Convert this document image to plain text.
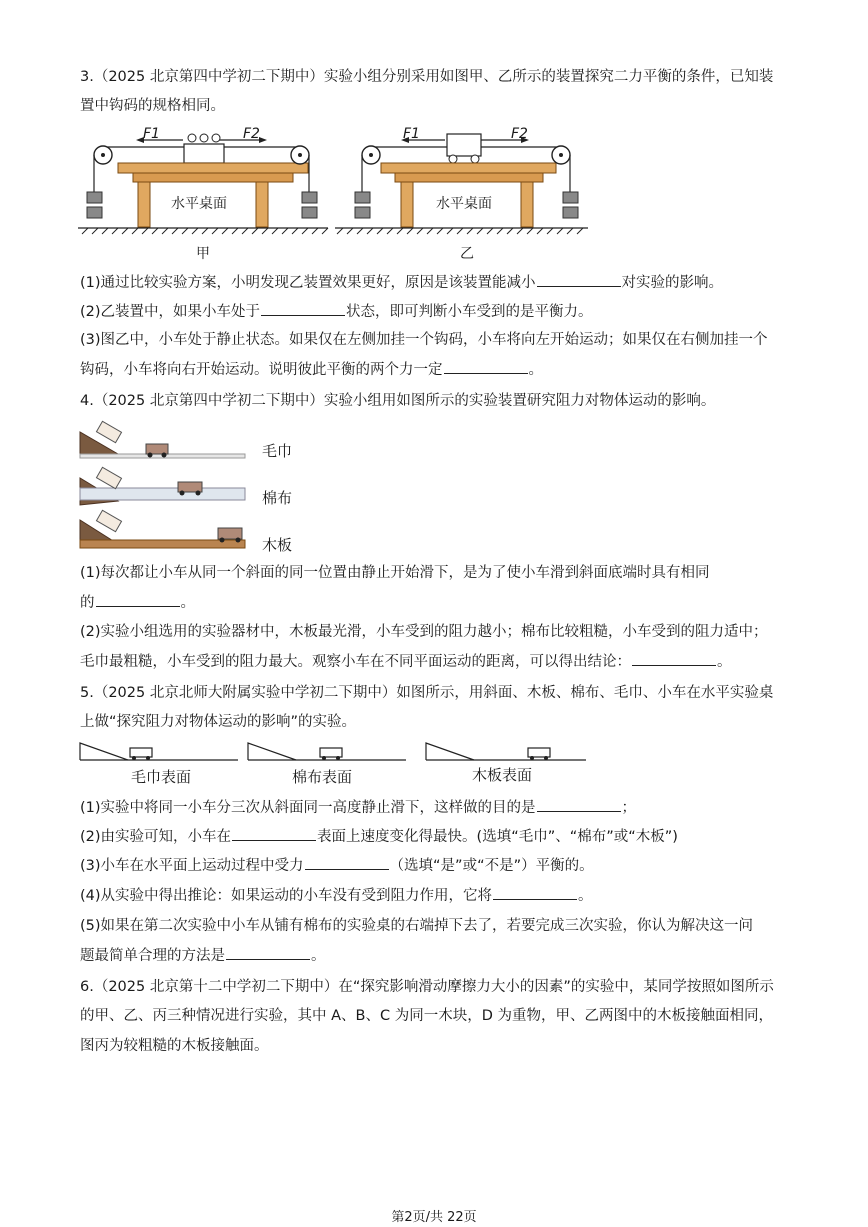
3.（2025 北京第四中学初二下期中）实验小组分别采用如图甲、乙所示的装置探究二力平衡的条件，已知装
置中钩码的规格相同。
F1	F2
水平桌面
甲
F1	F2
水平桌面
乙
(1)通过比较实验方案，小明发现乙装置效果更好，原因是该装置能减小	对实验的影响。
(2)乙装置中，如果小车处于	状态，即可判断小车受到的是平衡力。
(3)图乙中，小车处于静止状态。如果仅在左侧加挂一个钩码，小车将向左开始运动；如果仅在右侧加挂一个
钩码，小车将向右开始运动。说明彼此平衡的两个力一定	。
4.（2025 北京第四中学初二下期中）实验小组用如图所示的实验装置研究阻力对物体运动的影响。
毛巾
棉布
木板
(1)每次都让小车从同一个斜面的同一位置由静止开始滑下，是为了使小车滑到斜面底端时具有相同
的	。
(2)实验小组选用的实验器材中，木板最光滑，小车受到的阻力越小；棉布比较粗糙，小车受到的阻力适中；
毛巾最粗糙，小车受到的阻力最大。观察小车在不同平面运动的距离，可以得出结论：	。
5.（2025 北京北师大附属实验中学初二下期中）如图所示，用斜面、木板、棉布、毛巾、小车在水平实验桌
上做“探究阻力对物体运动的影响”的实验。
毛巾表面	棉布表面	木板表面
(1)实验中将同一小车分三次从斜面同一高度静止滑下，这样做的目的是	；
(2)由实验可知，小车在	表面上速度变化得最快。(选填“毛巾”、“棉布”或“木板”)
(3)小车在水平面上运动过程中受力	（选填“是”或“不是”）平衡的。
(4)从实验中得出推论：如果运动的小车没有受到阻力作用，它将	。
(5)如果在第二次实验中小车从铺有棉布的实验桌的右端掉下去了，若要完成三次实验，你认为解决这一问
题最简单合理的方法是	。
6.（2025 北京第十二中学初二下期中）在“探究影响滑动摩擦力大小的因素”的实验中，某同学按照如图所示
的甲、乙、丙三种情况进行实验，其中 A、B、C 为同一木块，D 为重物，甲、乙两图中的木板接触面相同，
图丙为较粗糙的木板接触面。
第2页/共 22页
